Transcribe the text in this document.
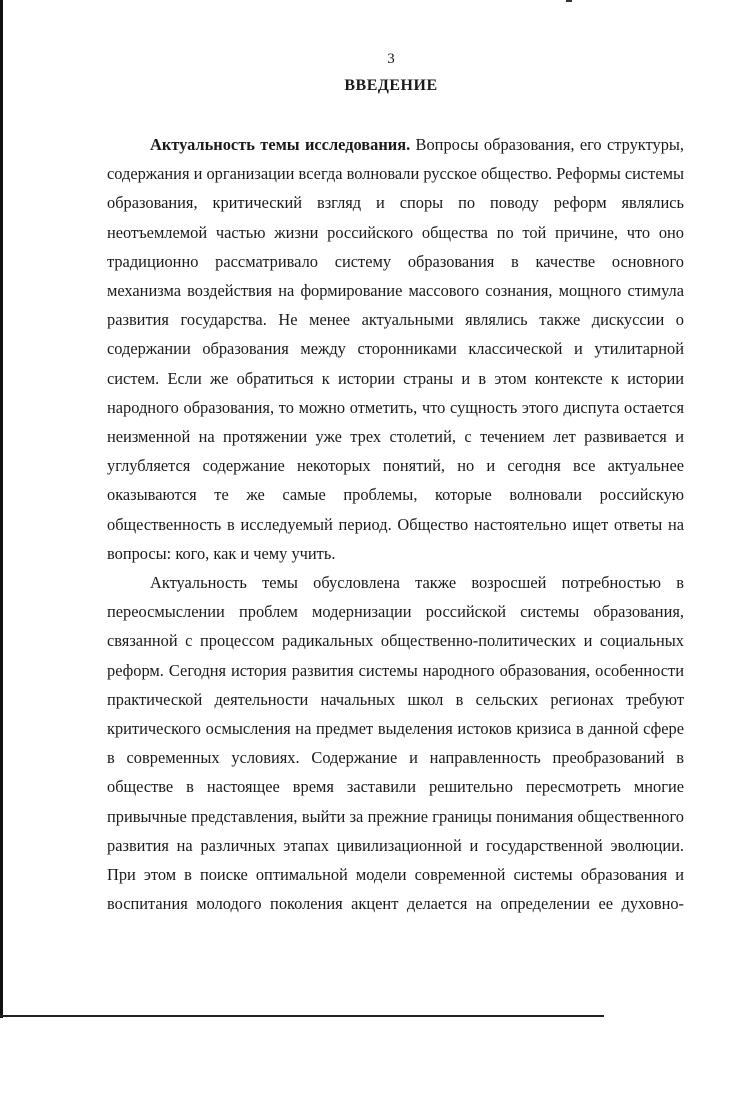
3
ВВЕДЕНИЕ

Актуальность темы исследования. Вопросы образования, его структуры, содержания и организации всегда волновали русское общество. Реформы системы образования, критический взгляд и споры по поводу реформ являлись неотъемлемой частью жизни российского общества по той причине, что оно традиционно рассматривало систему образования в качестве основного механизма воздействия на формирование массового сознания, мощного стимула развития государства. Не менее актуальными являлись также дискуссии о содержании образования между сторонниками классической и утилитарной систем. Если же обратиться к истории страны и в этом контексте к истории народного образования, то можно отметить, что сущность этого диспута остается неизменной на протяжении уже трех столетий, с течением лет развивается и углубляется содержание некоторых понятий, но и сегодня все актуальнее оказываются те же самые проблемы, которые волновали российскую общественность в исследуемый период. Общество настоятельно ищет ответы на вопросы: кого, как и чему учить.

Актуальность темы обусловлена также возросшей потребностью в переосмыслении проблем модернизации российской системы образования, связанной с процессом радикальных общественно-политических и социальных реформ. Сегодня история развития системы народного образования, особенности практической деятельности начальных школ в сельских регионах требуют критического осмысления на предмет выделения истоков кризиса в данной сфере в современных условиях. Содержание и направленность преобразований в обществе в настоящее время заставили решительно пересмотреть многие привычные представления, выйти за прежние границы понимания общественного развития на различных этапах цивилизационной и государственной эволюции. При этом в поиске оптимальной модели современной системы образования и воспитания молодого поколения акцент делается на определении ее духовно-
